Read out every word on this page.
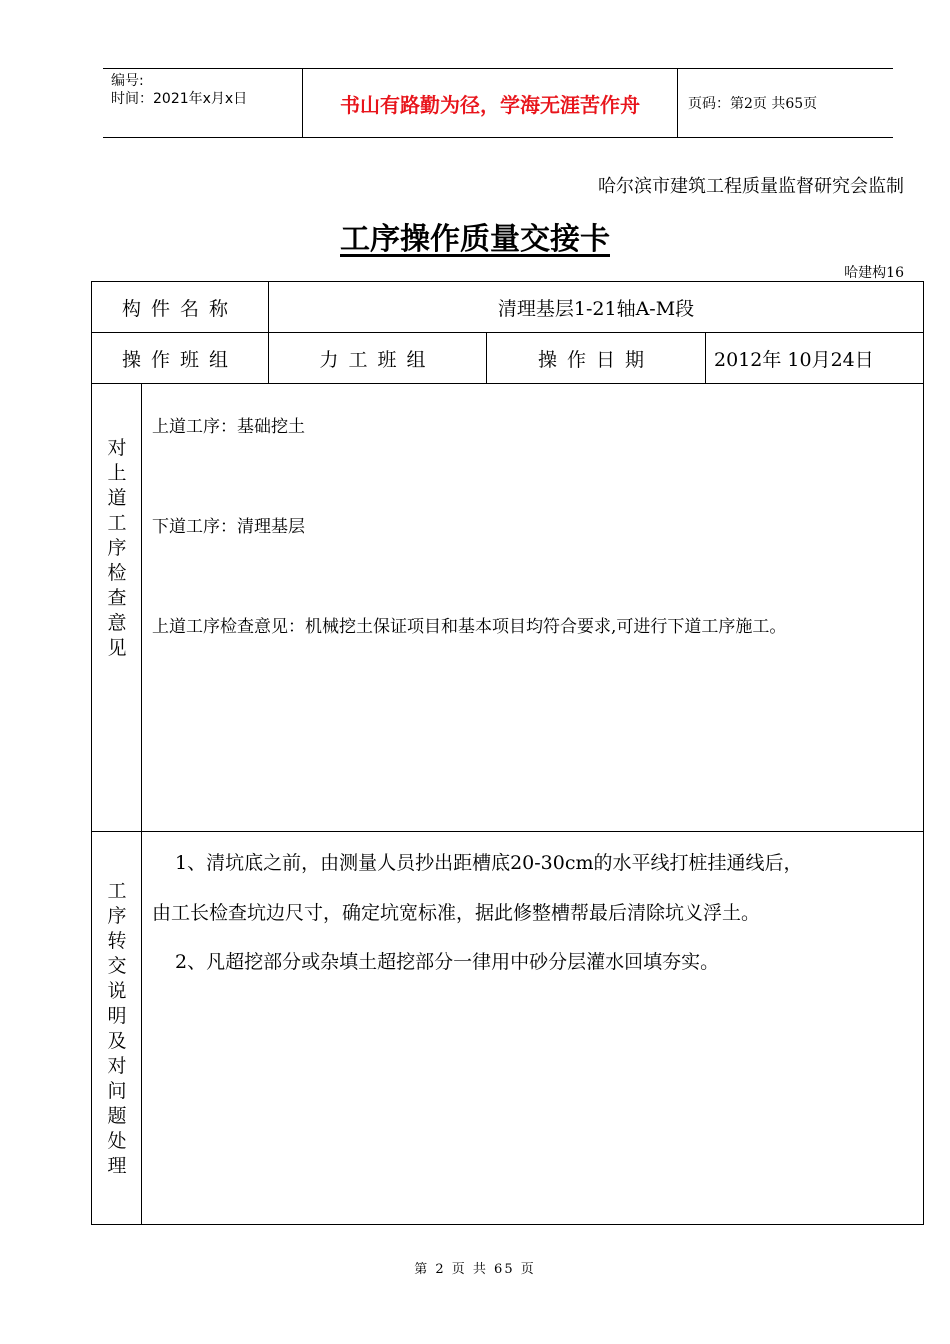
编号:
时间：2021年x月x日	书山有路勤为径，学海无涯苦作舟	页码：第2页 共65页
哈尔滨市建筑工程质量监督研究会监制
工序操作质量交接卡
哈建构16
构件名称		清理基层1-21轴A-M段		
操作班组		力工班组	操作日期	2012年 10月24日

对上道工序检查意见	上道工序：基础挖土
下道工序：清理基层
上道工序检查意见：机械挖土保证项目和基本项目均符合要求,可进行下道工序施工。			

工序转交说明及对问题处理	1、清坑底之前，由测量人员抄出距槽底20-30cm的水平线打桩挂通线后，
由工长检查坑边尺寸，确定坑宽标准，据此修整槽帮最后清除坑义浮土。
2、凡超挖部分或杂填土超挖部分一律用中砂分层灌水回填夯实。			
第 2 页 共 65 页
